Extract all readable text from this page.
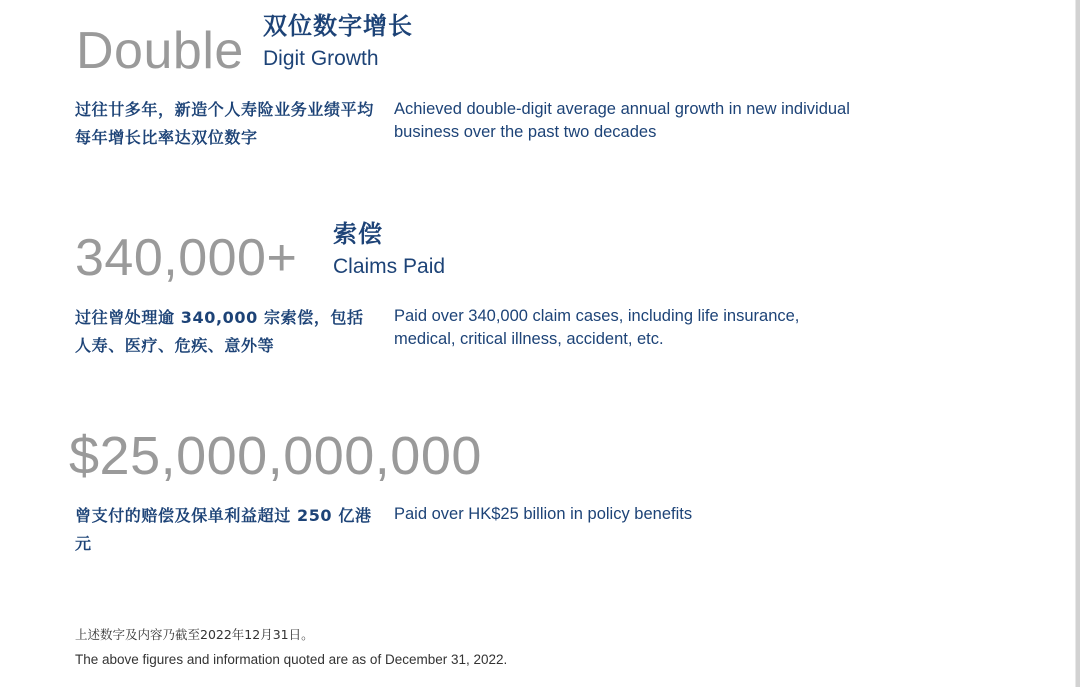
Double 双位数字增长
Digit Growth
过往廿多年，新造个人寿险业务业绩平均每年增长比率达双位数字
Achieved double-digit average annual growth in new individual business over the past two decades
340,000+ 索偿
Claims Paid
过往曾处理逾 340,000 宗索偿，包括人寿、医疗、危疾、意外等
Paid over 340,000 claim cases, including life insurance, medical, critical illness, accident, etc.
$25,000,000,000
曾支付的赔偿及保单利益超过 250 亿港元
Paid over HK$25 billion in policy benefits
上述数字及内容乃截至2022年12月31日。
The above figures and information quoted are as of December 31, 2022.
